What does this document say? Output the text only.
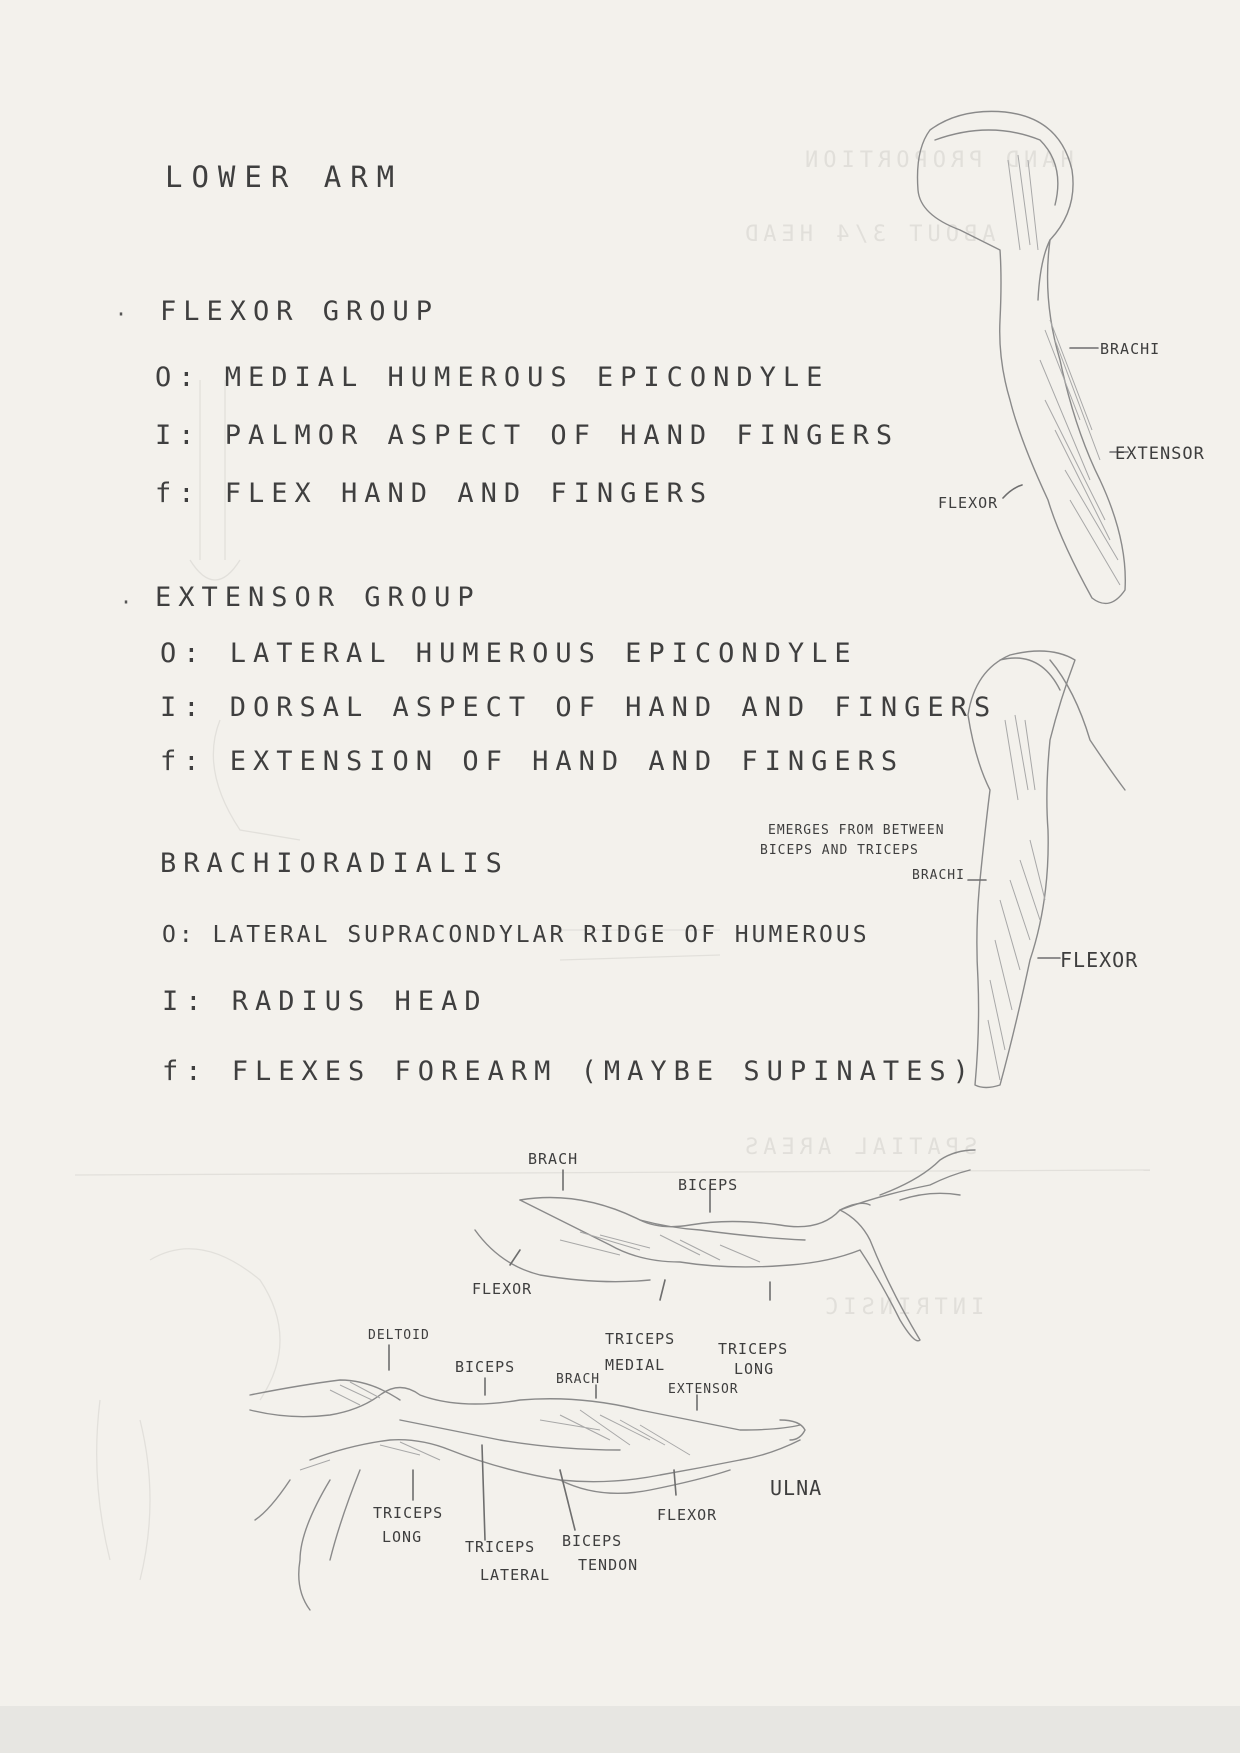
HAND PROPORTION
ABOUT 3/4 HEAD
SPATIAL AREAS
INTRINSIC
LOWER ARM
· FLEXOR GROUP
O: MEDIAL HUMEROUS EPICONDYLE
I: PALMOR ASPECT OF HAND FINGERS
f: FLEX HAND AND FINGERS
· EXTENSOR GROUP
O: LATERAL HUMEROUS EPICONDYLE
I: DORSAL ASPECT OF HAND AND FINGERS
f: EXTENSION OF HAND AND FINGERS
BRACHIORADIALIS
O: LATERAL SUPRACONDYLAR RIDGE OF HUMEROUS
I: RADIUS HEAD
f: FLEXES FOREARM (MAYBE SUPINATES)
BRACHI
EXTENSOR
FLEXOR
EMERGES FROM BETWEEN
BICEPS AND TRICEPS
BRACHI
FLEXOR
BRACH
BICEPS
FLEXOR
TRICEPS
MEDIAL
TRICEPS
LONG
DELTOID
BICEPS
BRACH
EXTENSOR
ULNA
FLEXOR
TRICEPS
LONG
TRICEPS
LATERAL
BICEPS
TENDON
